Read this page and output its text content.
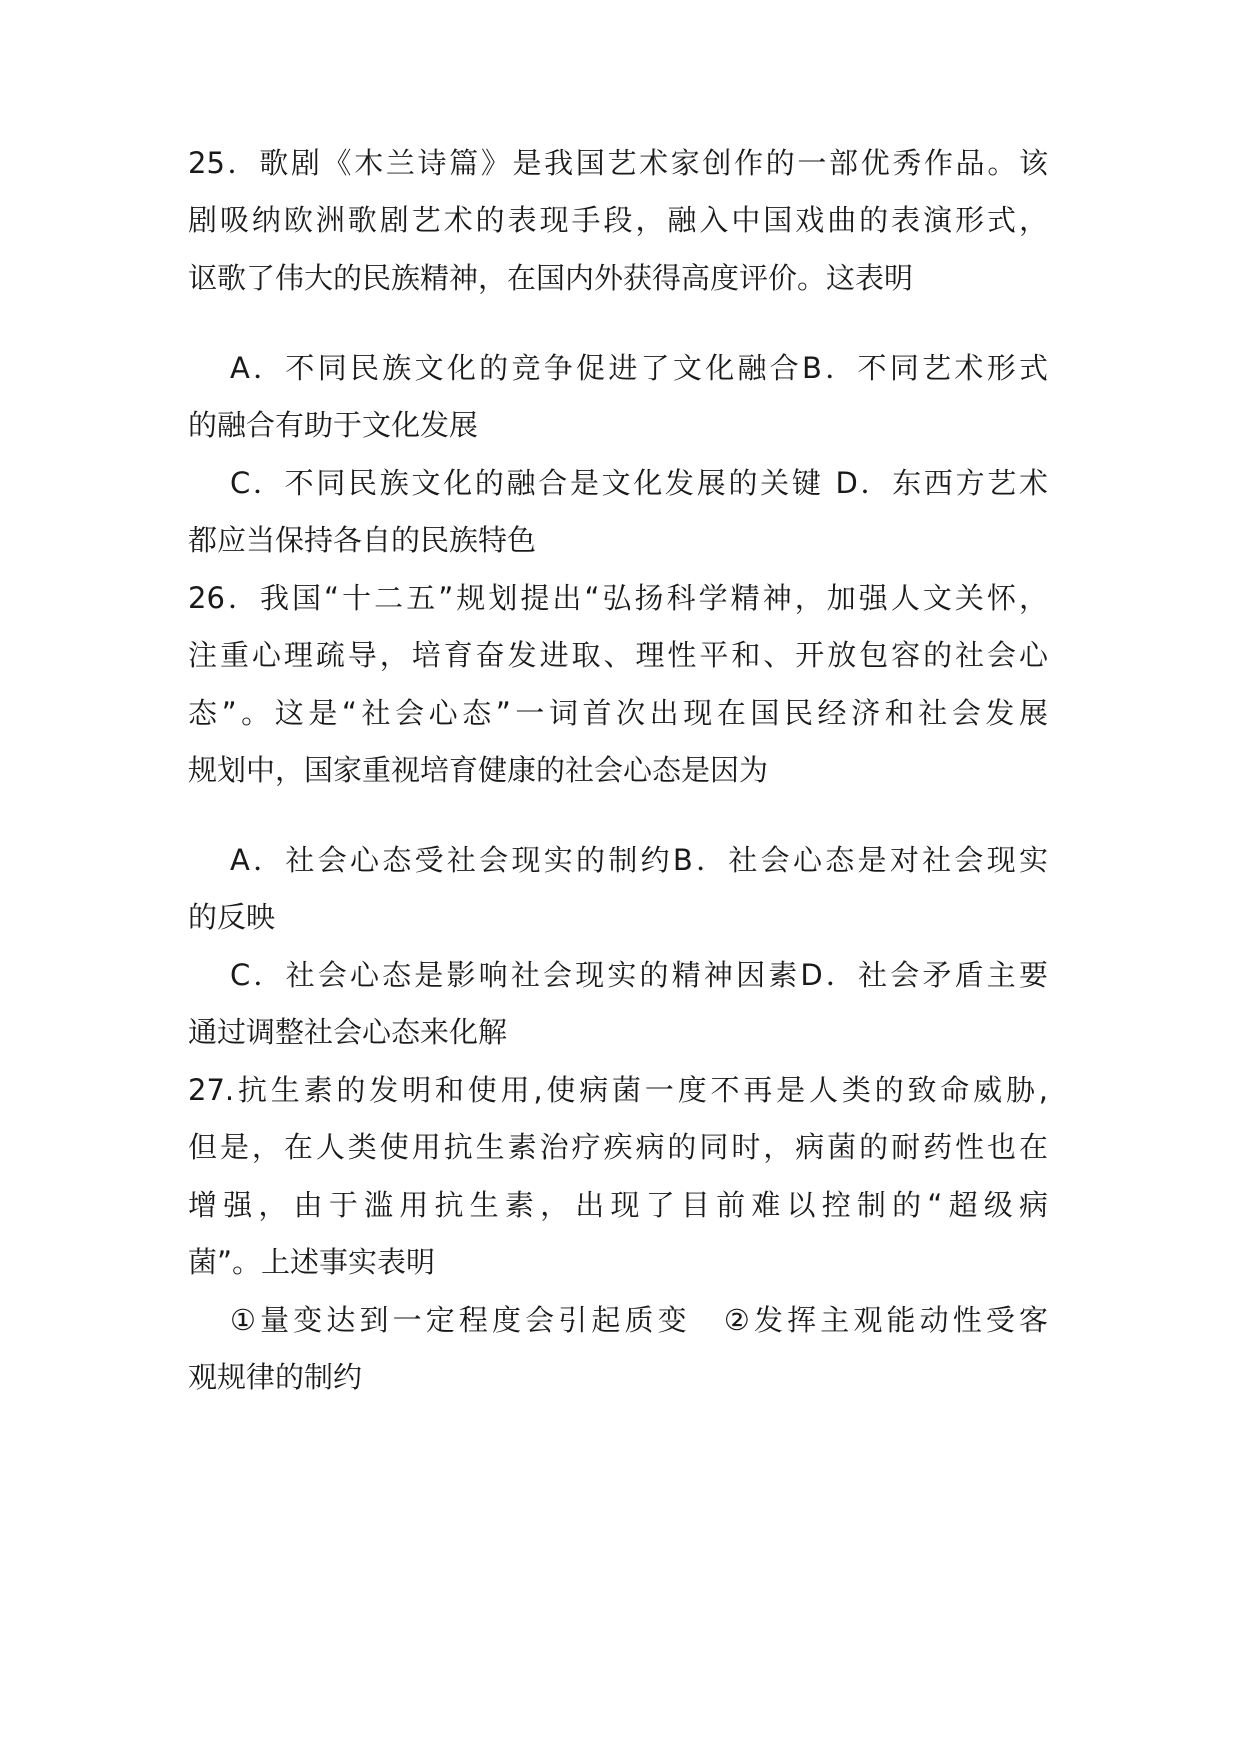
25．歌剧《木兰诗篇》是我国艺术家创作的一部优秀作品。该
剧吸纳欧洲歌剧艺术的表现手段，融入中国戏曲的表演形式，
讴歌了伟大的民族精神，在国内外获得高度评价。这表明
A．不同民族文化的竞争促进了文化融合B．不同艺术形式
的融合有助于文化发展
C．不同民族文化的融合是文化发展的关键 D．东西方艺术
都应当保持各自的民族特色
26．我国“十二五”规划提出“弘扬科学精神，加强人文关怀，
注重心理疏导，培育奋发进取、理性平和、开放包容的社会心
态”。这是“社会心态”一词首次出现在国民经济和社会发展
规划中，国家重视培育健康的社会心态是因为
A．社会心态受社会现实的制约B．社会心态是对社会现实
的反映
C．社会心态是影响社会现实的精神因素D．社会矛盾主要
通过调整社会心态来化解
27.抗生素的发明和使用,使病菌一度不再是人类的致命威胁,
但是，在人类使用抗生素治疗疾病的同时，病菌的耐药性也在
增强，由于滥用抗生素，出现了目前难以控制的“超级病
菌”。上述事实表明
①量变达到一定程度会引起质变　②发挥主观能动性受客
观规律的制约
